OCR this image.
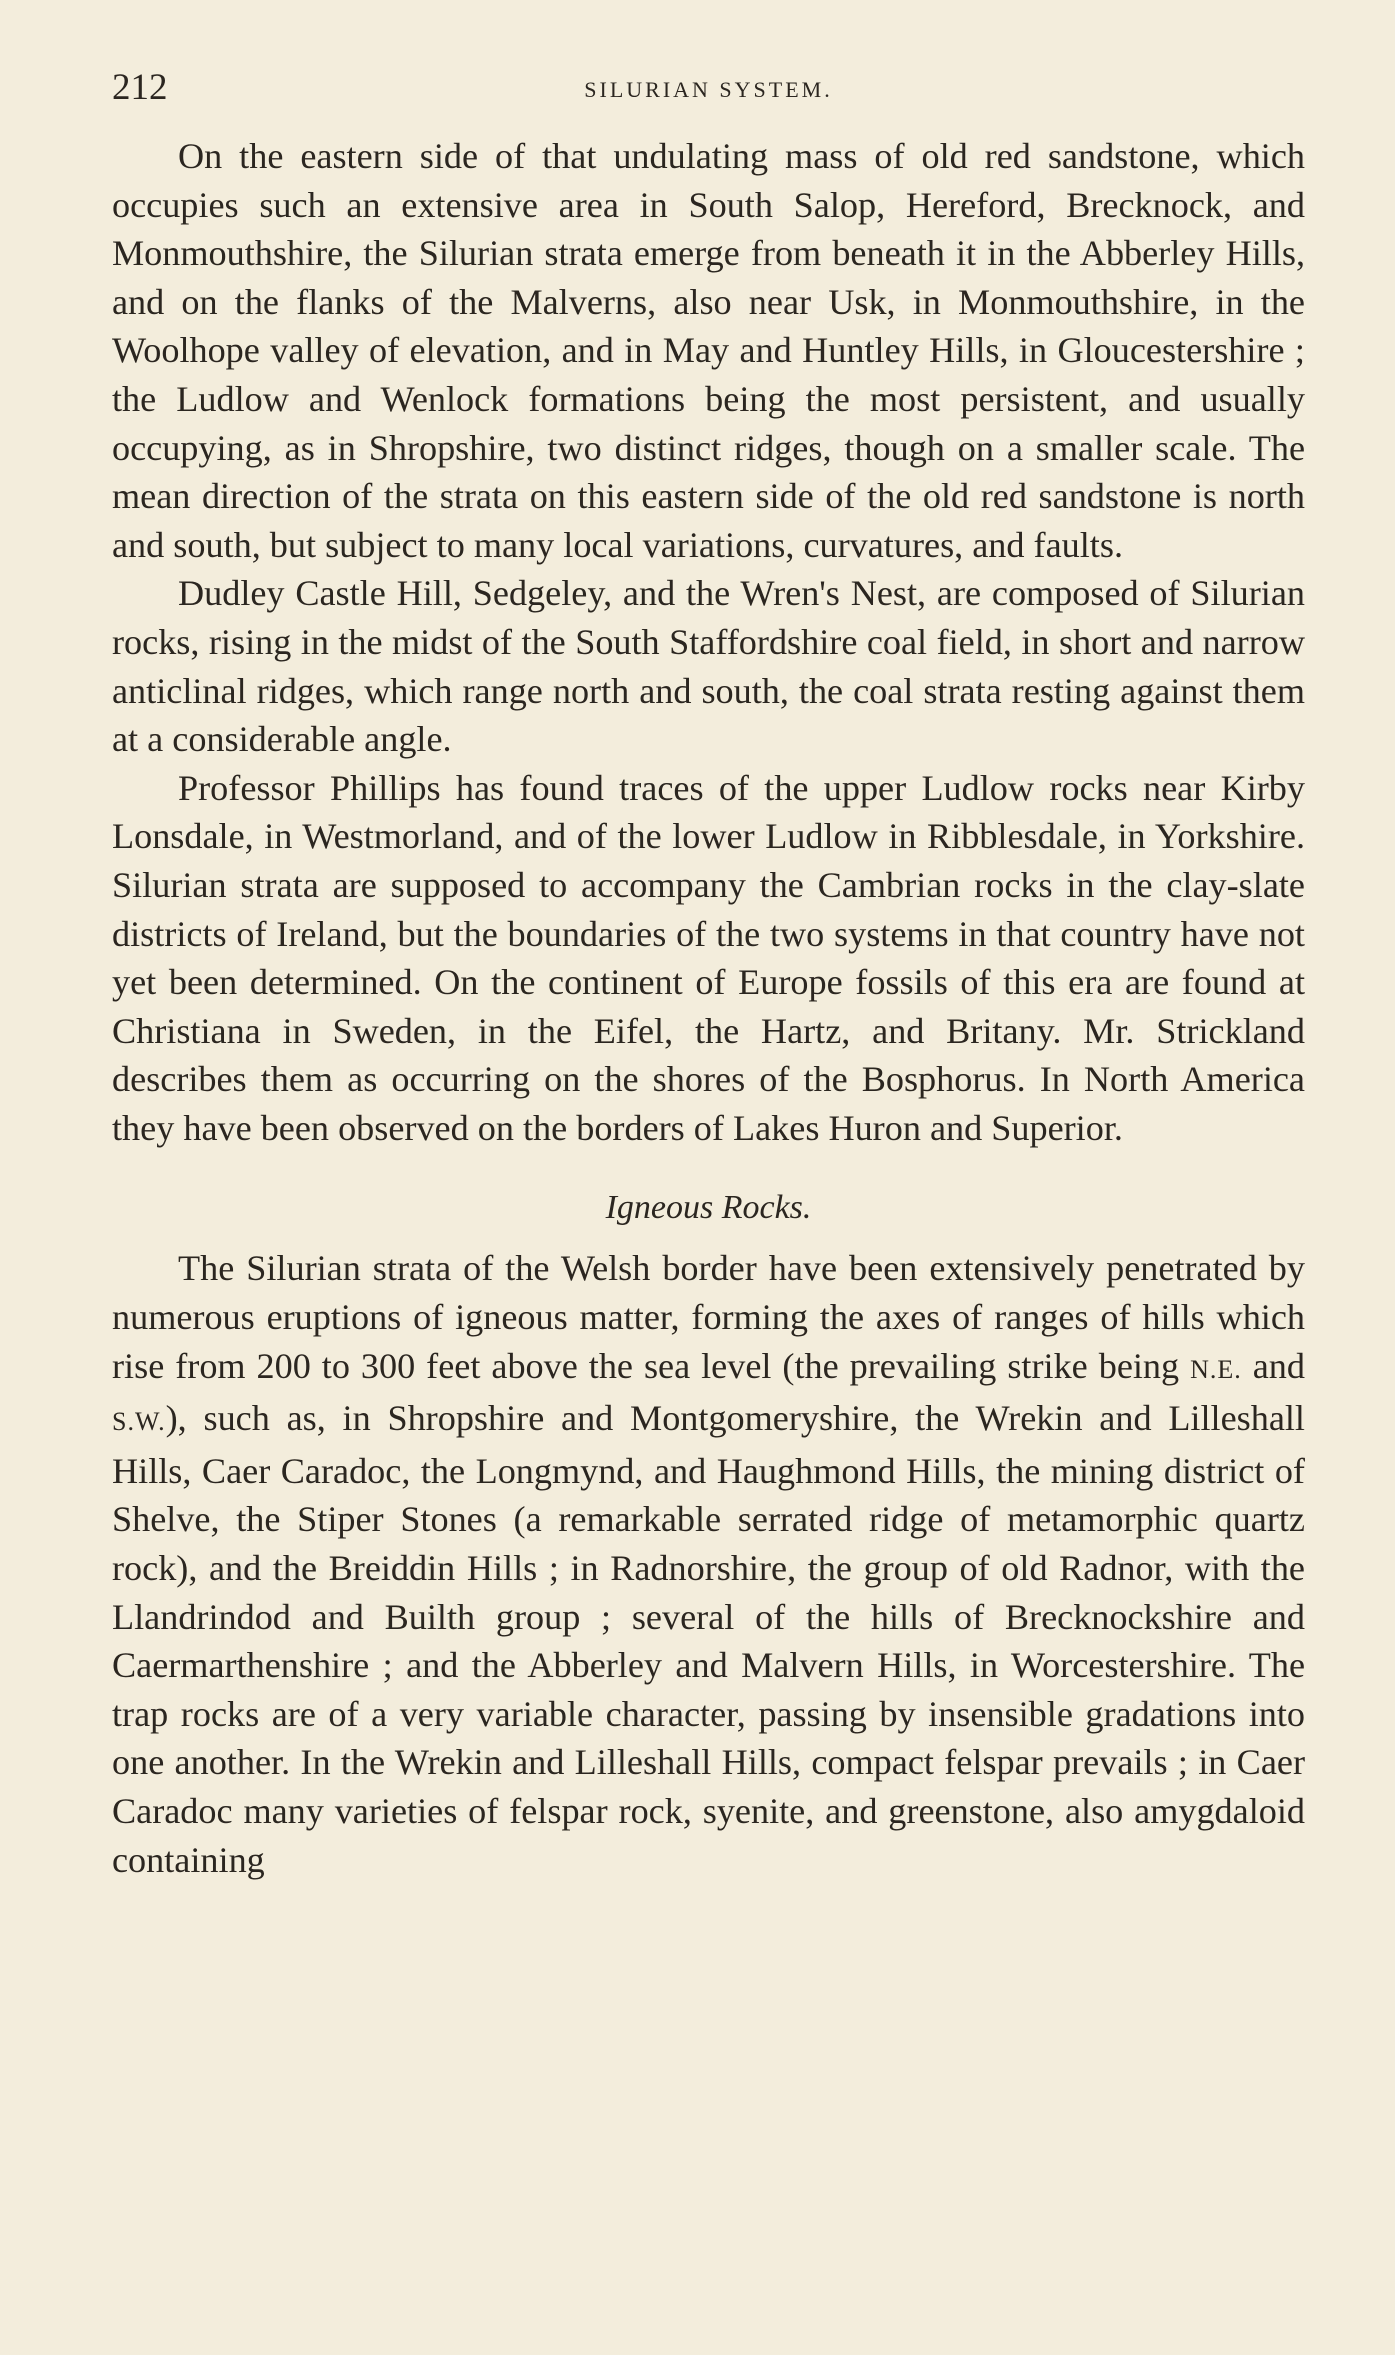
212	SILURIAN SYSTEM.

On the eastern side of that undulating mass of old red sandstone, which occupies such an extensive area in South Salop, Hereford, Brecknock, and Monmouthshire, the Silurian strata emerge from beneath it in the Abberley Hills, and on the flanks of the Malverns, also near Usk, in Monmouthshire, in the Woolhope valley of elevation, and in May and Huntley Hills, in Gloucestershire ; the Ludlow and Wenlock formations being the most persistent, and usually occupying, as in Shropshire, two distinct ridges, though on a smaller scale. The mean direction of the strata on this eastern side of the old red sandstone is north and south, but subject to many local variations, curvatures, and faults.

Dudley Castle Hill, Sedgeley, and the Wren's Nest, are composed of Silurian rocks, rising in the midst of the South Staffordshire coal field, in short and narrow anticlinal ridges, which range north and south, the coal strata resting against them at a considerable angle.

Professor Phillips has found traces of the upper Ludlow rocks near Kirby Lonsdale, in Westmorland, and of the lower Ludlow in Ribblesdale, in Yorkshire. Silurian strata are supposed to accompany the Cambrian rocks in the clay-slate districts of Ireland, but the boundaries of the two systems in that country have not yet been determined. On the continent of Europe fossils of this era are found at Christiana in Sweden, in the Eifel, the Hartz, and Britany. Mr. Strickland describes them as occurring on the shores of the Bosphorus. In North America they have been observed on the borders of Lakes Huron and Superior.

Igneous Rocks.

The Silurian strata of the Welsh border have been extensively penetrated by numerous eruptions of igneous matter, forming the axes of ranges of hills which rise from 200 to 300 feet above the sea level (the prevailing strike being N.E. and S.W.), such as, in Shropshire and Montgomeryshire, the Wrekin and Lilleshall Hills, Caer Caradoc, the Longmynd, and Haughmond Hills, the mining district of Shelve, the Stiper Stones (a remarkable serrated ridge of metamorphic quartz rock), and the Breiddin Hills ; in Radnorshire, the group of old Radnor, with the Llandrindod and Builth group ; several of the hills of Brecknockshire and Caermarthenshire ; and the Abberley and Malvern Hills, in Worcestershire. The trap rocks are of a very variable character, passing by insensible gradations into one another. In the Wrekin and Lilleshall Hills, compact felspar prevails ; in Caer Caradoc many varieties of felspar rock, syenite, and greenstone, also amygdaloid containing
